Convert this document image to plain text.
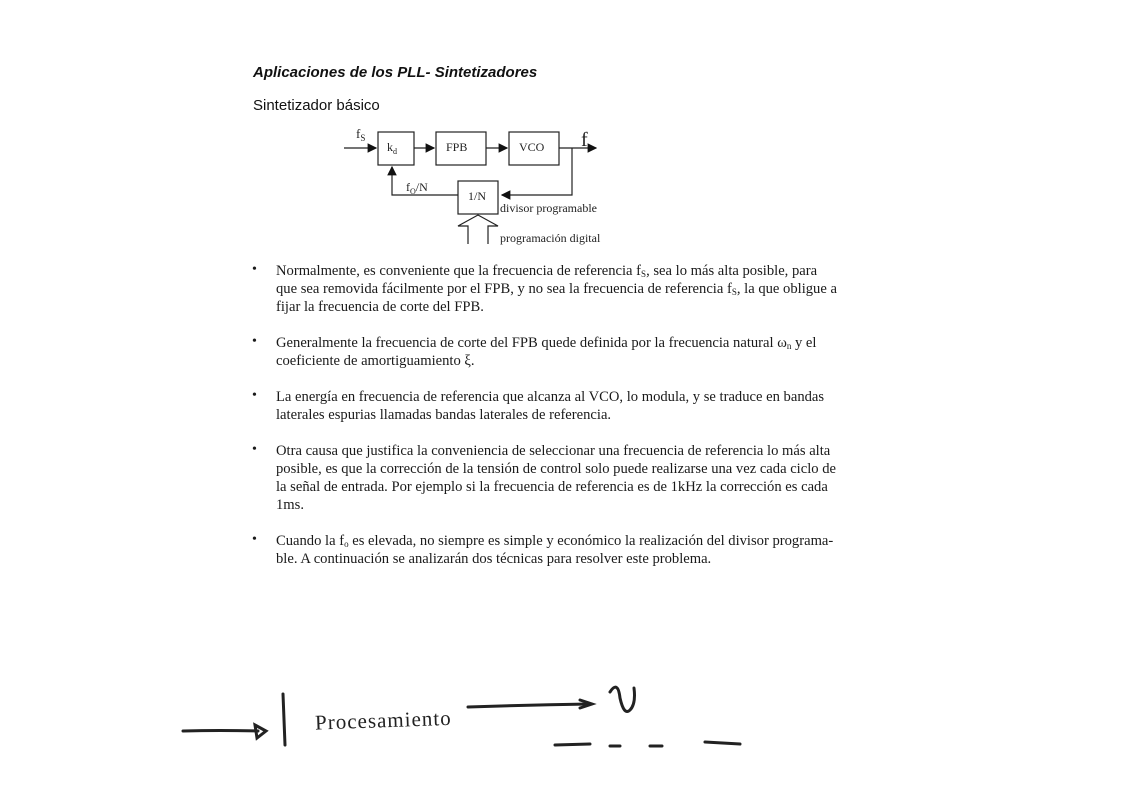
Aplicaciones de los PLL- Sintetizadores
Sintetizador básico
$f_S$
$k_d$	FPB	VCO f
$f_O/N$
1/N
divisor programable
programación digital
• Normalmente, es conveniente que la frecuencia de referencia $f_S$, sea lo más alta posible, para
que sea removida fácilmente por el FPB, y no sea la frecuencia de referencia $f_S$, la que obligue a
fijar la frecuencia de corte del FPB.
• Generalmente la frecuencia de corte del FPB quede definida por la frecuencia natural $\omega_n$ y el
coeficiente de amortiguamiento ξ.
• La energía en frecuencia de referencia que alcanza al VCO, lo modula, y se traduce en bandas
laterales espurias llamadas bandas laterales de referencia.
• Otra causa que justifica la conveniencia de seleccionar una frecuencia de referencia lo más alta
posible, es que la corrección de la tensión de control solo puede realizarse una vez cada ciclo de
la señal de entrada. Por ejemplo si la frecuencia de referencia es de 1kHz la corrección es cada
1ms.
• Cuando la $f_o$ es elevada, no siempre es simple y económico la realización del divisor programa-
ble. A continuación se analizarán dos técnicas para resolver este problema.
Procesamiento
